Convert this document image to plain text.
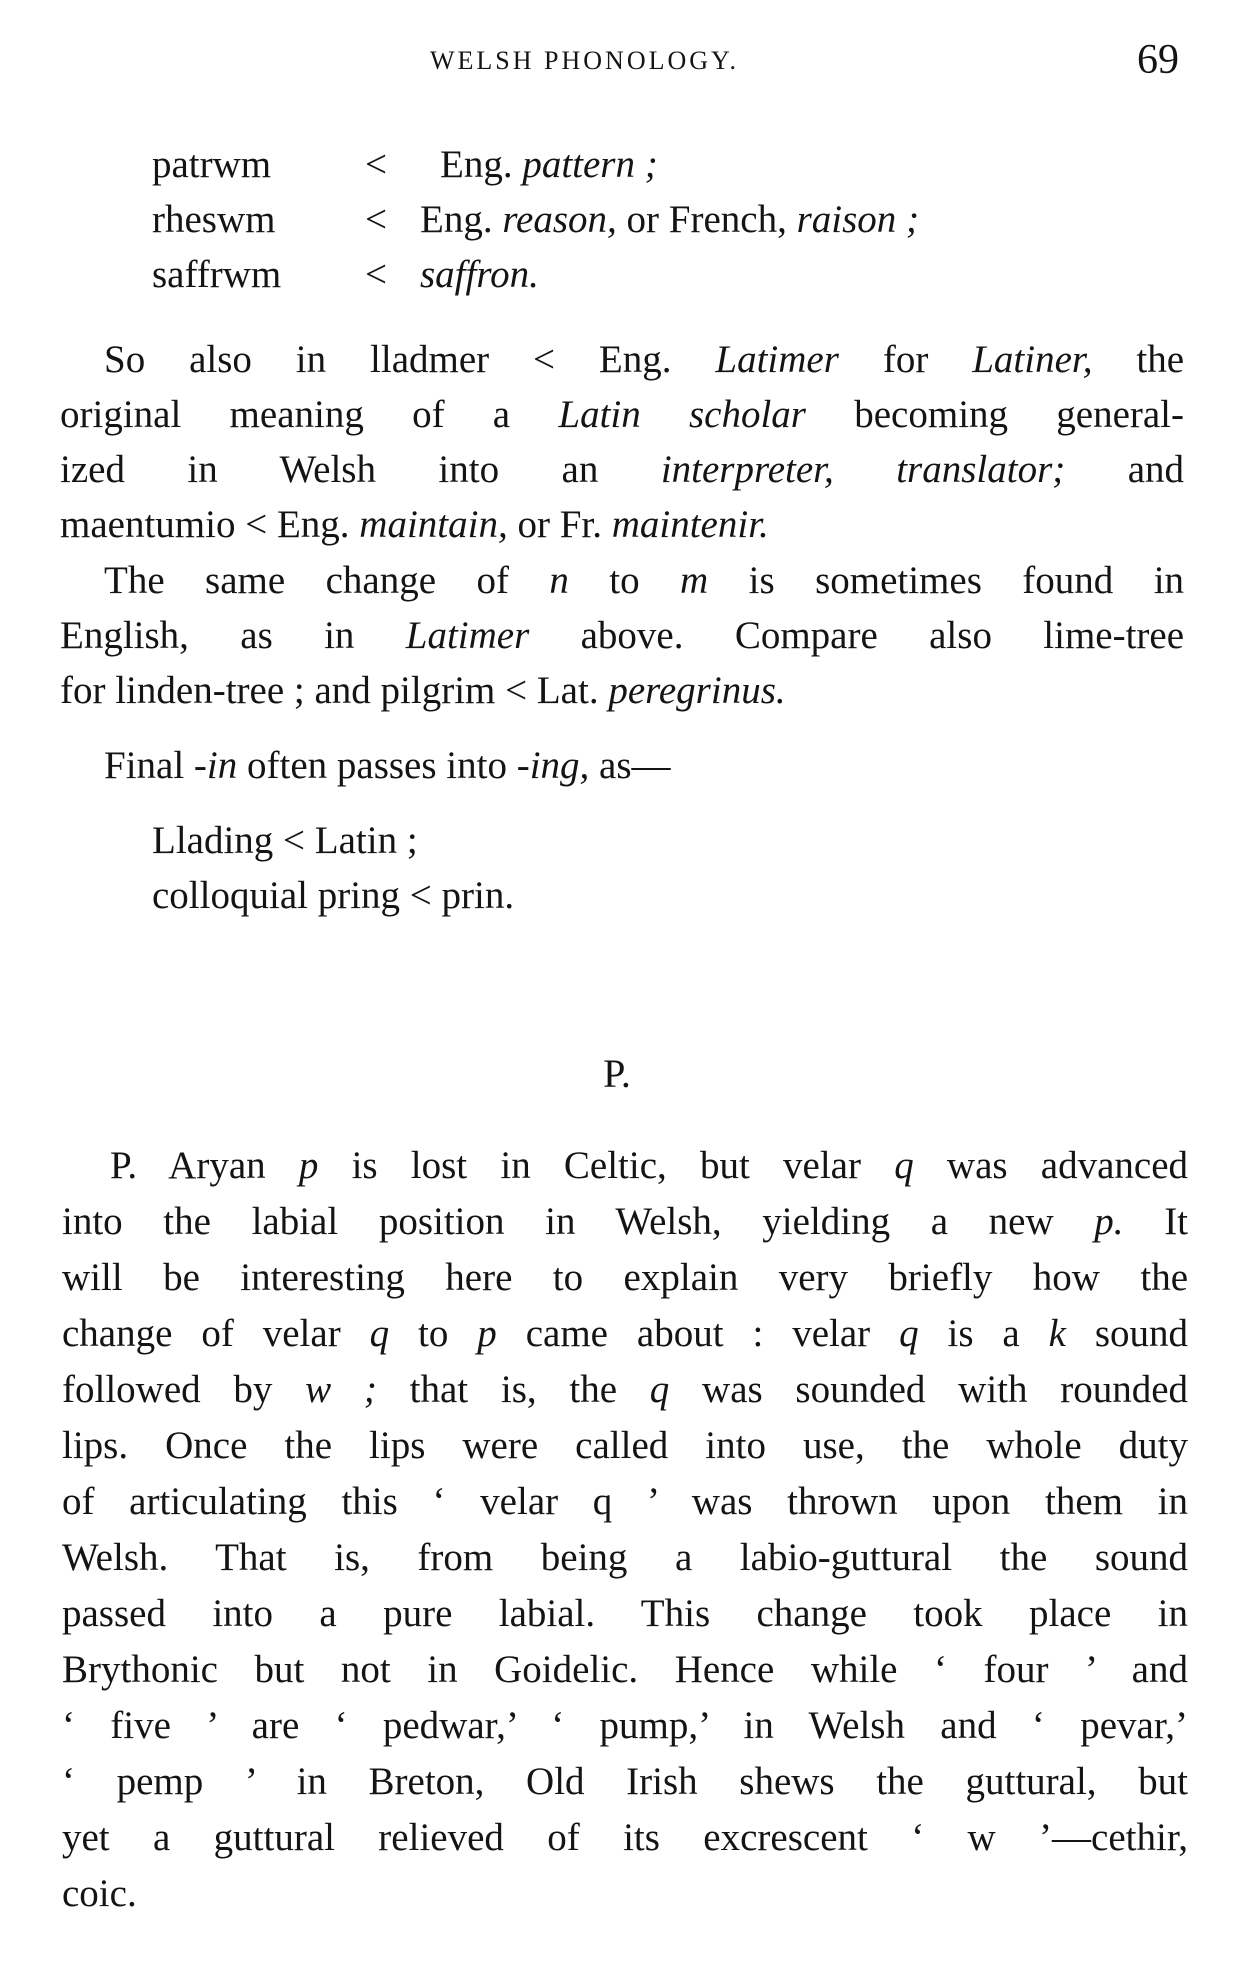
WELSH PHONOLOGY.	69
patrwm < Eng. pattern ;
rheswm < Eng. reason, or French, raison ;
saffrwm < saffron.
So also in lladmer < Eng. Latimer for Latiner, the
original meaning of a Latin scholar becoming general-
ized in Welsh into an interpreter, translator; and
maentumio < Eng. maintain, or Fr. maintenir.
The same change of n to m is sometimes found in
English, as in Latimer above. Compare also lime-tree
for linden-tree ; and pilgrim < Lat. peregrinus.
Final -in often passes into -ing, as—
Llading < Latin ;
colloquial pring < prin.
P.
P. Aryan p is lost in Celtic, but velar q was advanced
into the labial position in Welsh, yielding a new p. It
will be interesting here to explain very briefly how the
change of velar q to p came about : velar q is a k sound
followed by w ; that is, the q was sounded with rounded
lips. Once the lips were called into use, the whole duty
of articulating this ‘ velar q ’ was thrown upon them in
Welsh. That is, from being a labio-guttural the sound
passed into a pure labial. This change took place in
Brythonic but not in Goidelic. Hence while ‘ four ’ and
‘ five ’ are ‘ pedwar,’ ‘ pump,’ in Welsh and ‘ pevar,’
‘ pemp ’ in Breton, Old Irish shews the guttural, but
yet a guttural relieved of its excrescent ‘ w ’—cethir,
coic.
